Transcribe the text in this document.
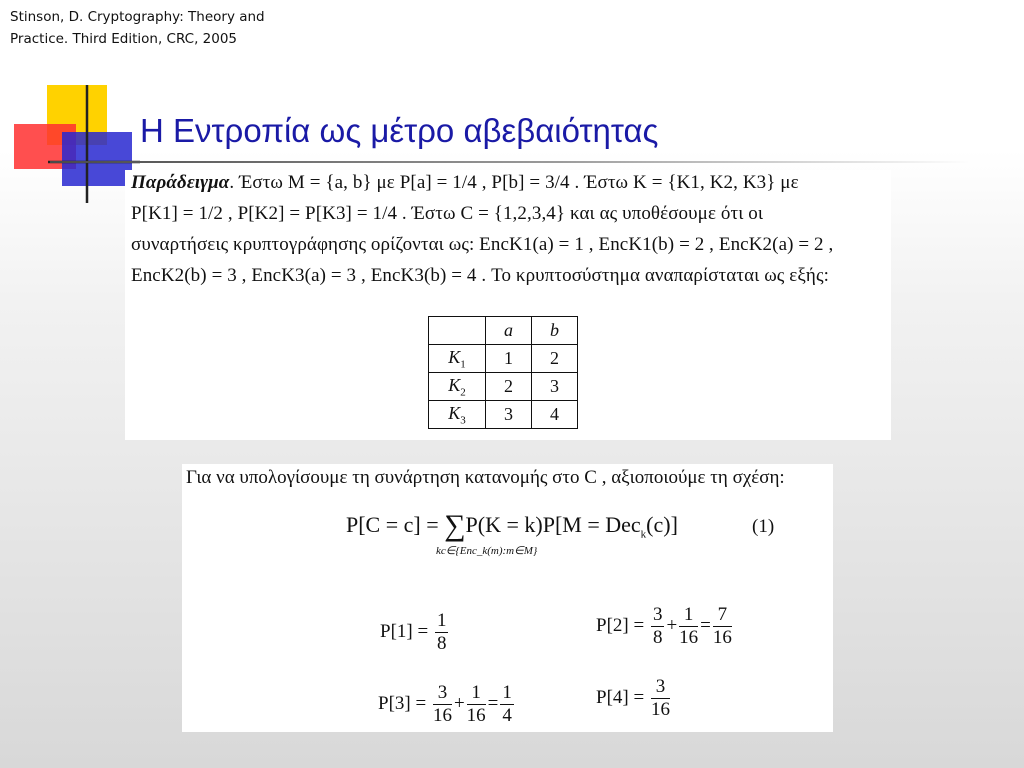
Stinson, D. Cryptography: Theory and
Practice. Third Edition, CRC, 2005
Η Εντροπία ως μέτρο αβεβαιότητας
Παράδειγμα. Έστω M = {a, b} με P[a] = 1/4 , P[b] = 3/4 . Έστω K = {K1, K2, K3} με
P[K1] = 1/2 , P[K2] = P[K3] = 1/4 . Έστω C = {1,2,3,4} και ας υποθέσουμε ότι οι
συναρτήσεις κρυπτογράφησης ορίζονται ως: EncK1(a) = 1 , EncK1(b) = 2 , EncK2(a) = 2 ,
EncK2(b) = 3 , EncK3(a) = 3 , EncK3(b) = 4 . Το κρυπτοσύστημα αναπαρίσταται ως εξής:
	a	b
$K_1$	1	2
$K_2$	2	3
$K_3$	3	4
Για να υπολογίσουμε τη συνάρτηση κατανομής στο C , αξιοποιούμε τη σχέση:
P[C = c] = ∑P(K = k)P[M = Dec$_k$(c)]
kc∈{Enc_k(m):m∈M}
(1)
$P[1] = \frac{1}{8}$	$P[2] = \frac{3}{8} + \frac{1}{16} = \frac{7}{16}$
$P[3] = \frac{3}{16} + \frac{1}{16} = \frac{1}{4}$	$P[4] = \frac{3}{16}$
